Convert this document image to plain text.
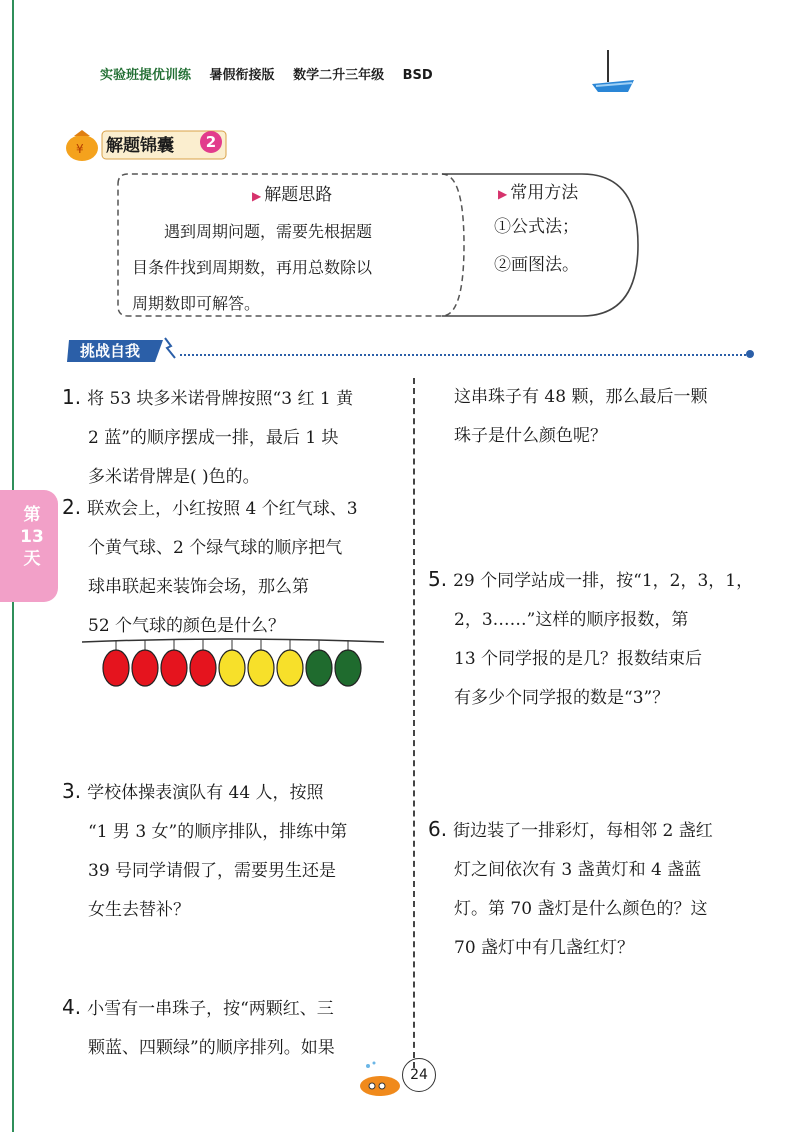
实验班提优训练 暑假衔接版 数学二升三年级 BSD
¥ 解题锦囊	2
▶ 解题思路	▶ 常用方法
遇到周期问题，需要先根据题
目条件找到周期数，再用总数除以
周期数即可解答。
①公式法；
②画图法。
挑战自我
第
13
天
1. 将 53 块多米诺骨牌按照“3 红 1 黄
2 蓝”的顺序摆成一排，最后 1 块
多米诺骨牌是( )色的。
2. 联欢会上，小红按照 4 个红气球、3
个黄气球、2 个绿气球的顺序把气
球串联起来装饰会场，那么第
52 个气球的颜色是什么？
3. 学校体操表演队有 44 人，按照
“1 男 3 女”的顺序排队，排练中第
39 号同学请假了，需要男生还是
女生去替补？
4. 小雪有一串珠子，按“两颗红、三
颗蓝、四颗绿”的顺序排列。如果
这串珠子有 48 颗，那么最后一颗
珠子是什么颜色呢？
5. 29 个同学站成一排，按“1，2，3，1，
2，3……”这样的顺序报数，第
13 个同学报的是几？报数结束后
有多少个同学报的数是“3”？
6. 街边装了一排彩灯，每相邻 2 盏红
灯之间依次有 3 盏黄灯和 4 盏蓝
灯。第 70 盏灯是什么颜色的？这
70 盏灯中有几盏红灯？
24
